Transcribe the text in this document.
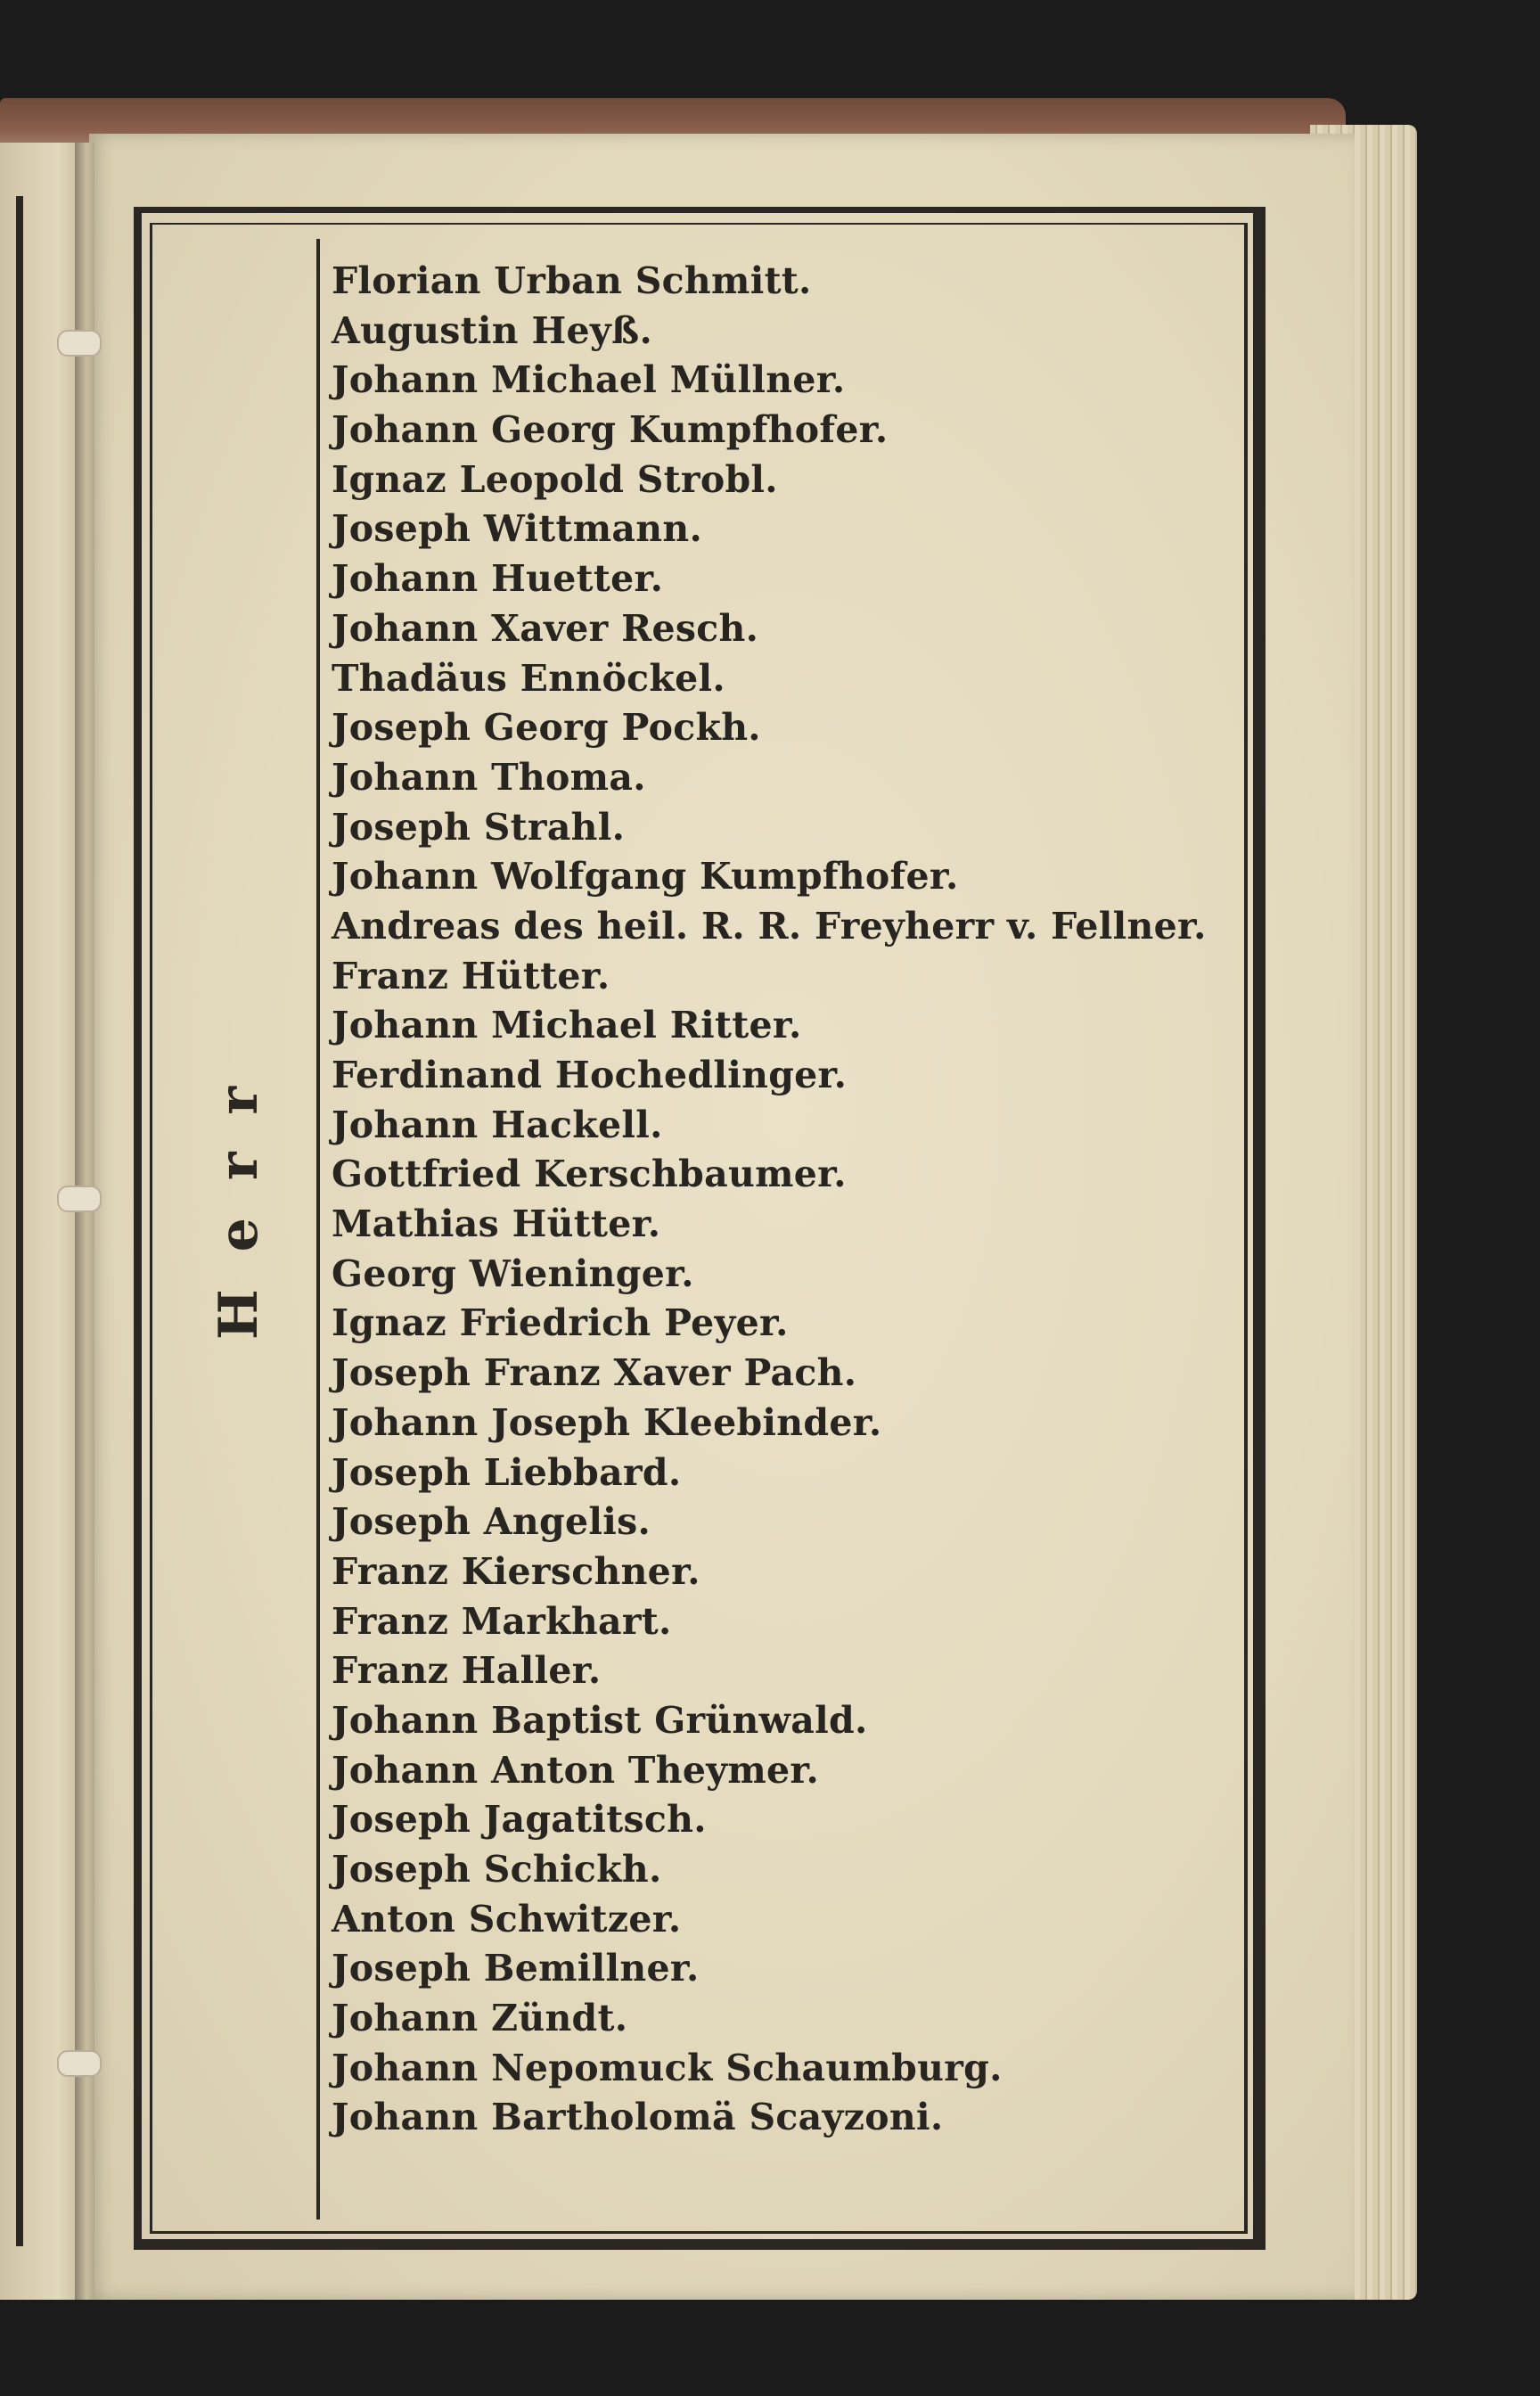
Herr
Florian Urban Schmitt.
Augustin Heyß.
Johann Michael Müllner.
Johann Georg Kumpfhofer.
Ignaz Leopold Strobl.
Joseph Wittmann.
Johann Huetter.
Johann Xaver Resch.
Thadäus Ennöckel.
Joseph Georg Pockh.
Johann Thoma.
Joseph Strahl.
Johann Wolfgang Kumpfhofer.
Andreas des heil. R. R. Freyherr v. Fellner.
Franz Hütter.
Johann Michael Ritter.
Ferdinand Hochedlinger.
Johann Hackell.
Gottfried Kerschbaumer.
Mathias Hütter.
Georg Wieninger.
Ignaz Friedrich Peyer.
Joseph Franz Xaver Pach.
Johann Joseph Kleebinder.
Joseph Liebbard.
Joseph Angelis.
Franz Kierschner.
Franz Markhart.
Franz Haller.
Johann Baptist Grünwald.
Johann Anton Theymer.
Joseph Jagatitsch.
Joseph Schickh.
Anton Schwitzer.
Joseph Bemillner.
Johann Zündt.
Johann Nepomuck Schaumburg.
Johann Bartholomä Scayzoni.
